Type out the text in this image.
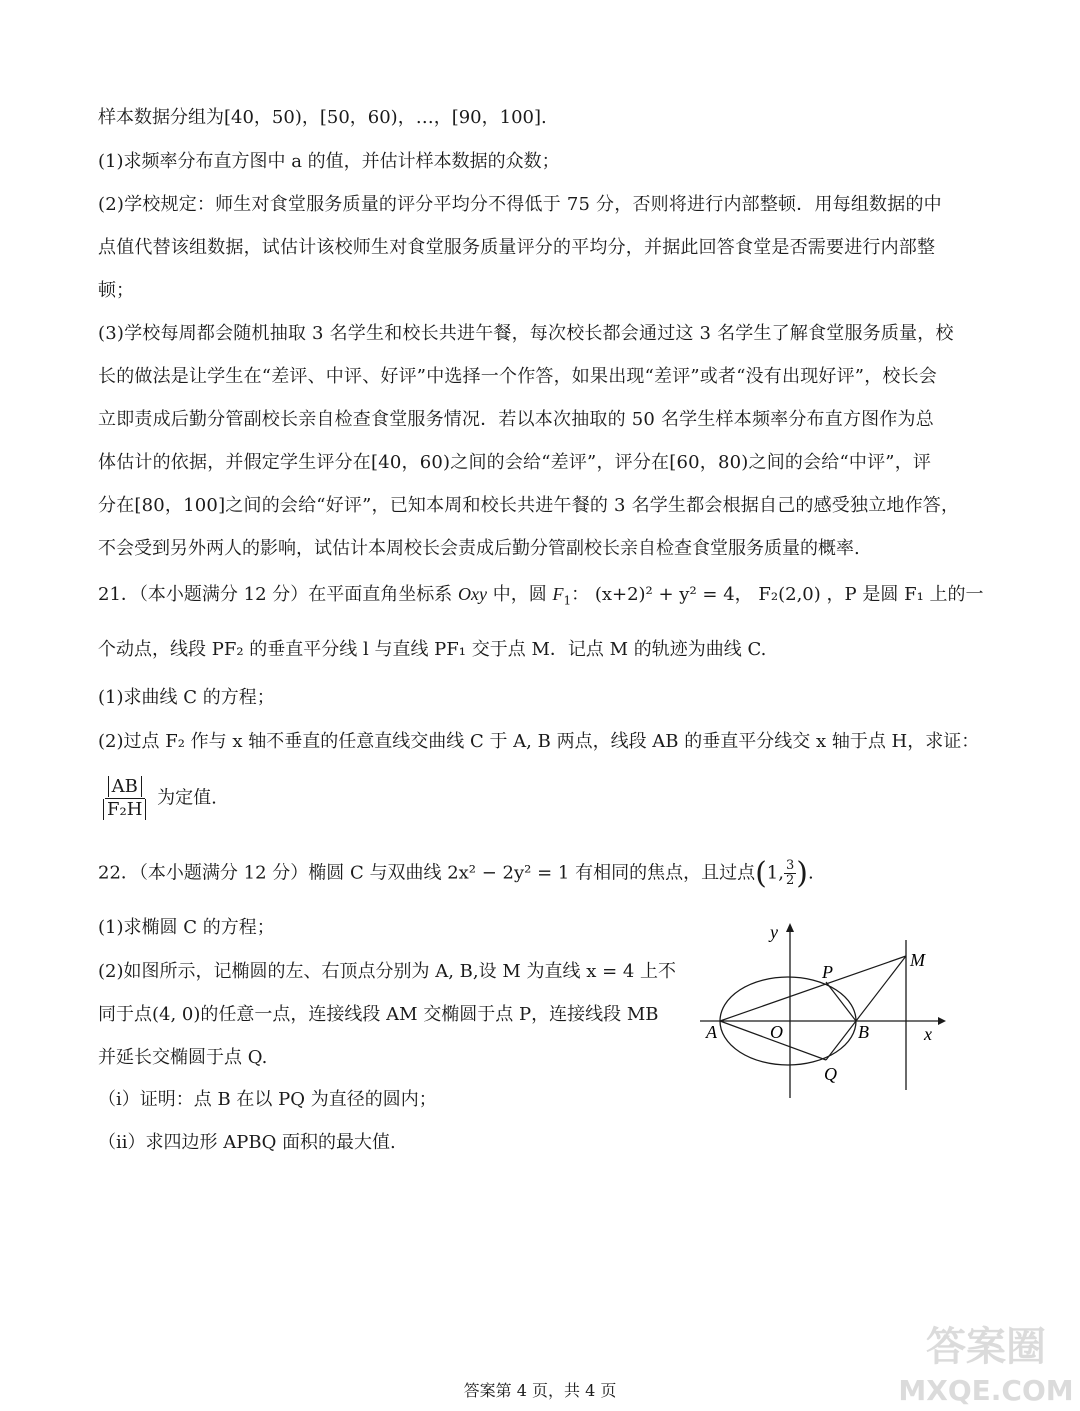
样本数据分组为[40，50)，[50，60)，…，[90，100].
(1)求频率分布直方图中 a 的值，并估计样本数据的众数；
(2)学校规定：师生对食堂服务质量的评分平均分不得低于 75 分，否则将进行内部整顿．用每组数据的中
点值代替该组数据，试估计该校师生对食堂服务质量评分的平均分，并据此回答食堂是否需要进行内部整
顿；
(3)学校每周都会随机抽取 3 名学生和校长共进午餐，每次校长都会通过这 3 名学生了解食堂服务质量，校
长的做法是让学生在“差评、中评、好评”中选择一个作答，如果出现“差评”或者“没有出现好评”，校长会
立即责成后勤分管副校长亲自检查食堂服务情况．若以本次抽取的 50 名学生样本频率分布直方图作为总
体估计的依据，并假定学生评分在[40，60)之间的会给“差评”，评分在[60，80)之间的会给“中评”，评
分在[80，100]之间的会给“好评”，已知本周和校长共进午餐的 3 名学生都会根据自己的感受独立地作答，
不会受到另外两人的影响，试估计本周校长会责成后勤分管副校长亲自检查食堂服务质量的概率.
21．（本小题满分 12 分）在平面直角坐标系 Oxy 中，圆 $F_1$： (x+2)² + y² = 4， F₂(2,0) ，P 是圆 F₁ 上的一
个动点，线段 PF₂ 的垂直平分线 l 与直线 PF₁ 交于点 M．记点 M 的轨迹为曲线 C.
(1)求曲线 C 的方程；
(2)过点 F₂ 作与 x 轴不垂直的任意直线交曲线 C 于 A, B 两点，线段 AB 的垂直平分线交 x 轴于点 H，求证：
$\frac{AB}{\text{F₂H}}$ 为定值.
22．（本小题满分 12 分）椭圆 C 与双曲线 2x² − 2y² = 1 有相同的焦点，且过点(1, $\frac{3}{2}$ ).
(1)求椭圆 C 的方程；
(2)如图所示，记椭圆的左、右顶点分别为 A, B,设 M 为直线 x = 4 上不
同于点(4, 0)的任意一点，连接线段 AM 交椭圆于点 P，连接线段 MB
并延长交椭圆于点 Q.
（i）证明：点 B 在以 PQ 为直径的圆内；
（ii）求四边形 APBQ 面积的最大值.
y
x
M
P
A	O	B
Q
答案第 4 页，共 4 页
答案圈
MXQE.COM
